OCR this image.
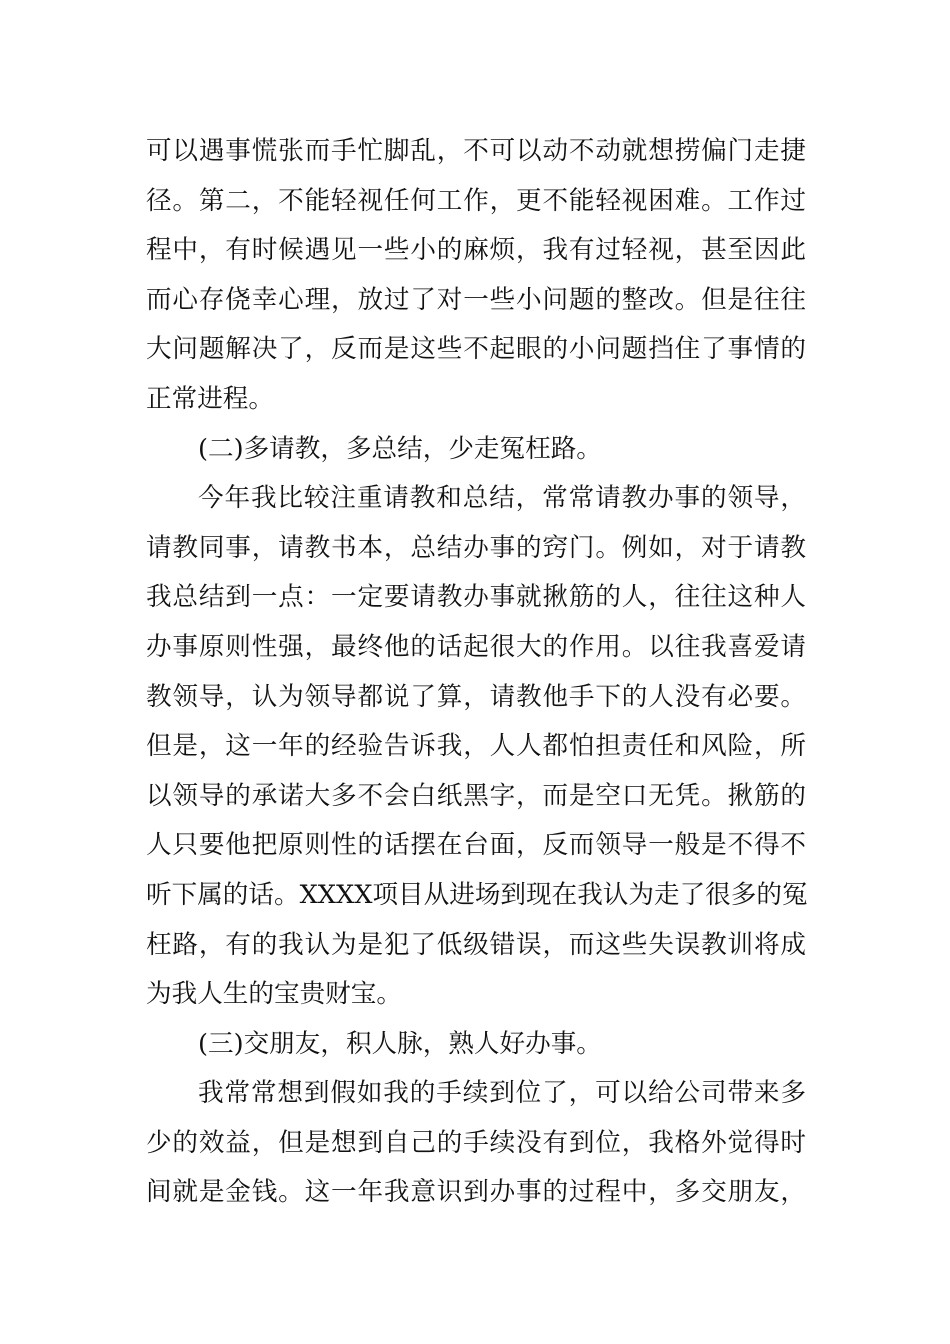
可以遇事慌张而手忙脚乱，不可以动不动就想捞偏门走捷
径。第二，不能轻视任何工作，更不能轻视困难。工作过
程中，有时候遇见一些小的麻烦，我有过轻视，甚至因此
而心存侥幸心理，放过了对一些小问题的整改。但是往往
大问题解决了，反而是这些不起眼的小问题挡住了事情的
正常进程。
(二)多请教，多总结，少走冤枉路。
今年我比较注重请教和总结，常常请教办事的领导，
请教同事，请教书本，总结办事的窍门。例如，对于请教
我总结到一点：一定要请教办事就揪筋的人，往往这种人
办事原则性强，最终他的话起很大的作用。以往我喜爱请
教领导，认为领导都说了算，请教他手下的人没有必要。
但是，这一年的经验告诉我，人人都怕担责任和风险，所
以领导的承诺大多不会白纸黑字，而是空口无凭。揪筋的
人只要他把原则性的话摆在台面，反而领导一般是不得不
听下属的话。XXXX项目从进场到现在我认为走了很多的冤
枉路，有的我认为是犯了低级错误，而这些失误教训将成
为我人生的宝贵财宝。
(三)交朋友，积人脉，熟人好办事。
我常常想到假如我的手续到位了，可以给公司带来多
少的效益，但是想到自己的手续没有到位，我格外觉得时
间就是金钱。这一年我意识到办事的过程中，多交朋友，
